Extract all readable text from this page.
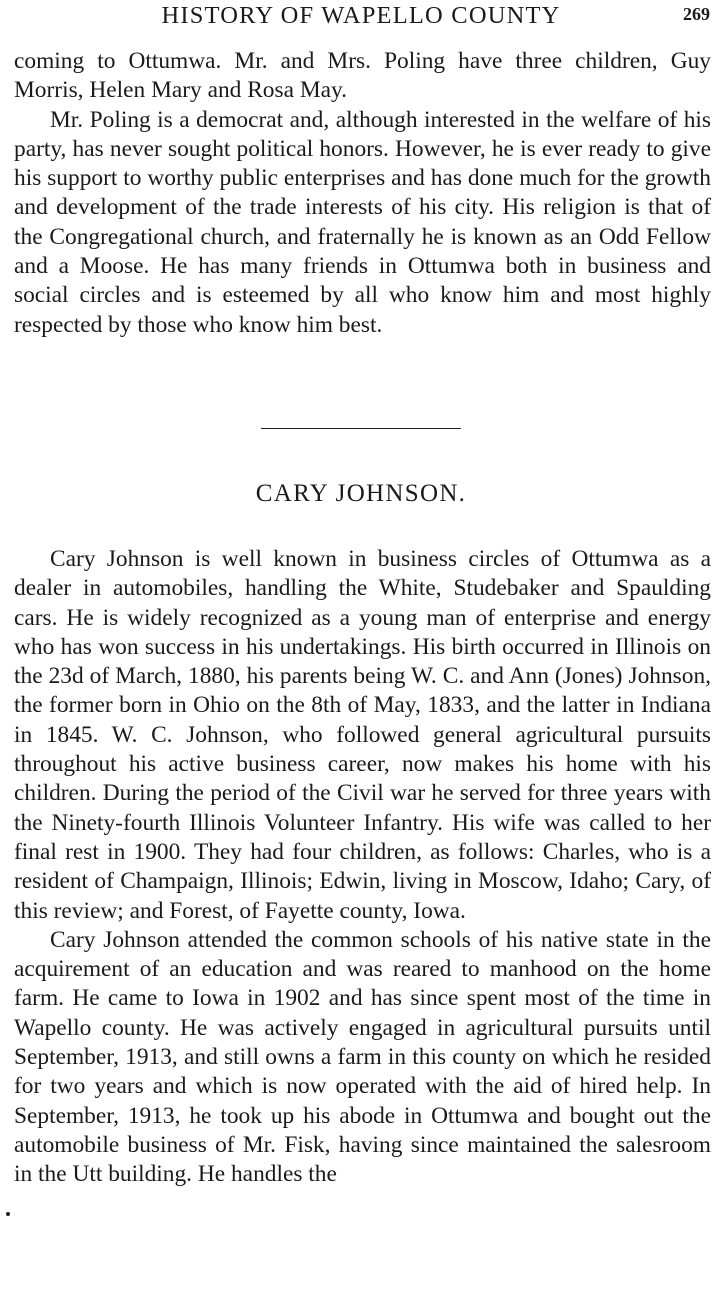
HISTORY OF WAPELLO COUNTY	269

coming to Ottumwa. Mr. and Mrs. Poling have three children, Guy Morris, Helen Mary and Rosa May.

Mr. Poling is a democrat and, although interested in the welfare of his party, has never sought political honors. However, he is ever ready to give his support to worthy public enterprises and has done much for the growth and development of the trade interests of his city. His religion is that of the Congregational church, and fraternally he is known as an Odd Fellow and a Moose. He has many friends in Ottumwa both in business and social circles and is esteemed by all who know him and most highly respected by those who know him best.

CARY JOHNSON.

Cary Johnson is well known in business circles of Ottumwa as a dealer in automobiles, handling the White, Studebaker and Spaulding cars. He is widely recognized as a young man of enterprise and energy who has won success in his undertakings. His birth occurred in Illinois on the 23d of March, 1880, his parents being W. C. and Ann (Jones) Johnson, the former born in Ohio on the 8th of May, 1833, and the latter in Indiana in 1845. W. C. Johnson, who followed general agricultural pursuits throughout his active business career, now makes his home with his children. During the period of the Civil war he served for three years with the Ninety-fourth Illinois Volunteer Infantry. His wife was called to her final rest in 1900. They had four children, as follows: Charles, who is a resident of Champaign, Illinois; Edwin, living in Moscow, Idaho; Cary, of this review; and Forest, of Fayette county, Iowa.

Cary Johnson attended the common schools of his native state in the acquirement of an education and was reared to manhood on the home farm. He came to Iowa in 1902 and has since spent most of the time in Wapello county. He was actively engaged in agricultural pursuits until September, 1913, and still owns a farm in this county on which he resided for two years and which is now operated with the aid of hired help. In September, 1913, he took up his abode in Ottumwa and bought out the automobile business of Mr. Fisk, having since maintained the salesroom in the Utt building. He handles the
